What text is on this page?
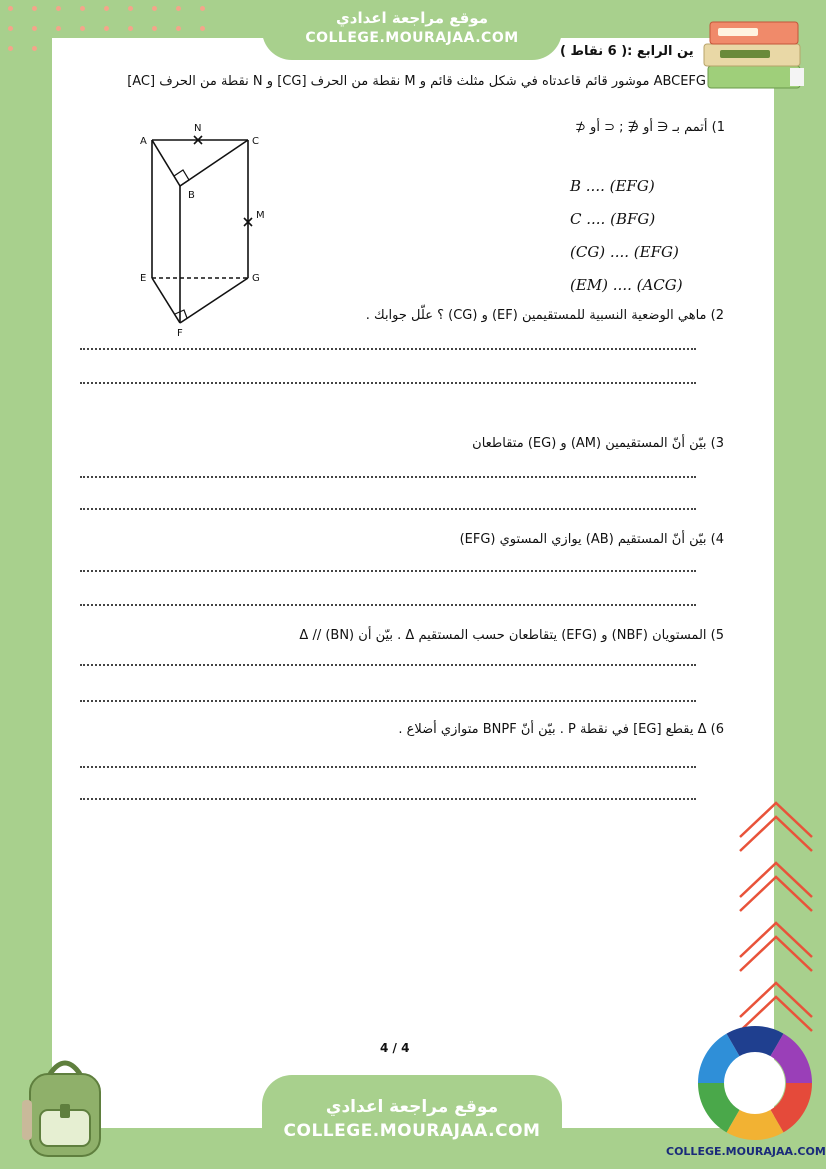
موقع مراجعة اعدادي
COLLEGE.MOURAJAA.COM
ين الرابع :( 6 نقاط )
ABCEFG موشور قائم قاعدتاه في شكل مثلث قائم و M نقطة من الحرف [CG] و N نقطة من الحرف [AC]
1) أتمم بـ ∈ أو ∉ ; ⊂ أو ⊄
B .... (EFG)
C .... (BFG)
(CG) .... (EFG)
(EM) .... (ACG)
A
N
C
B
M
E	G
F
2) ماهي الوضعية النسبية للمستقيمين (EF) و (CG) ؟ علّل جوابك .
3) بيّن أنّ المستقيمين (AM) و (EG) متقاطعان
4) بيّن أنّ المستقيم (AB) يوازي المستوي (EFG)
5) المستويان (NBF) و (EFG) يتقاطعان حسب المستقيم Δ . بيّن أن Δ // (BN)
6) Δ يقطع [EG] في نقطة P . بيّن أنّ BNPF متوازي أضلاع .
4 / 4
موقع مراجعة اعدادي
COLLEGE.MOURAJAA.COM
COLLEGE.MOURAJAA.COM
